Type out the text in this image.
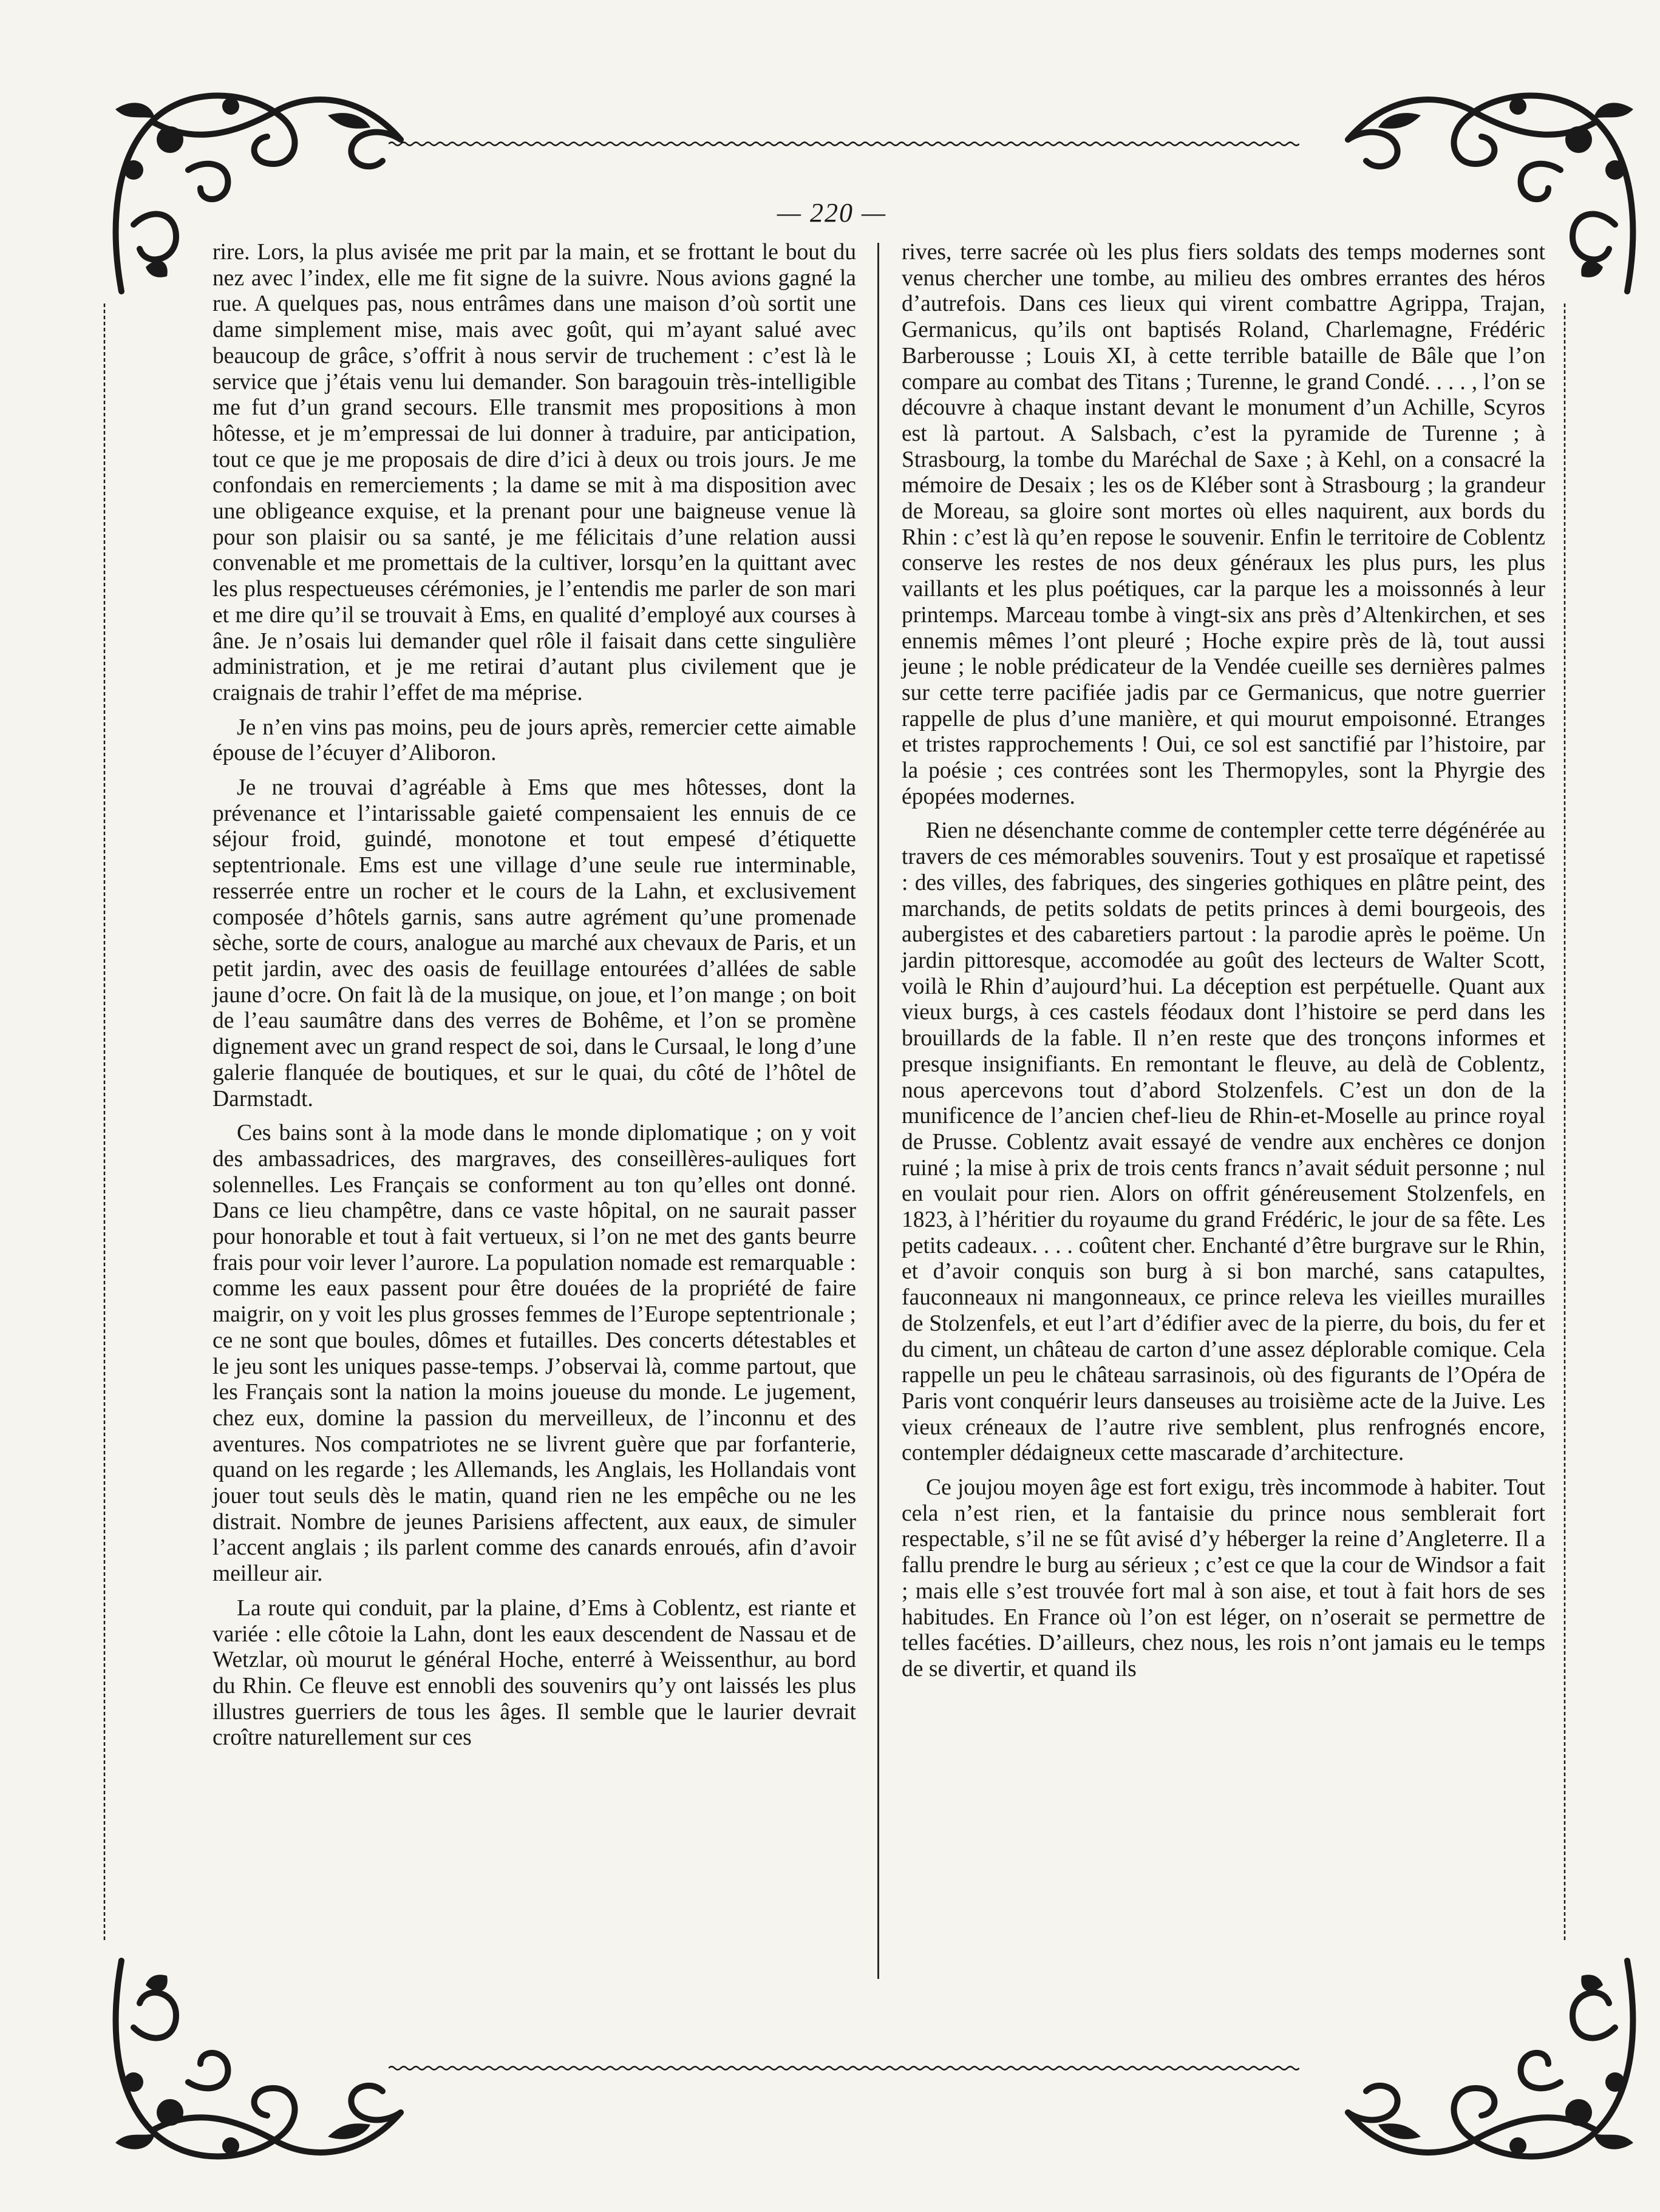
— 220 —

rire. Lors, la plus avisée me prit par la main, et se frottant le bout du nez avec l’index, elle me fit signe de la suivre. Nous avions gagné la rue. A quelques pas, nous entrâmes dans une maison d’où sortit une dame simplement mise, mais avec goût, qui m’ayant salué avec beaucoup de grâce, s’offrit à nous servir de truchement : c’est là le service que j’étais venu lui demander. Son baragouin très-intelligible me fut d’un grand secours. Elle transmit mes propositions à mon hôtesse, et je m’empressai de lui donner à traduire, par anticipation, tout ce que je me proposais de dire d’ici à deux ou trois jours. Je me confondais en remerciements ; la dame se mit à ma disposition avec une obligeance exquise, et la prenant pour une baigneuse venue là pour son plaisir ou sa santé, je me félicitais d’une relation aussi convenable et me promettais de la cultiver, lorsqu’en la quittant avec les plus respectueuses cérémonies, je l’entendis me parler de son mari et me dire qu’il se trouvait à Ems, en qualité d’employé aux courses à âne. Je n’osais lui demander quel rôle il faisait dans cette singulière administration, et je me retirai d’autant plus civilement que je craignais de trahir l’effet de ma méprise.

Je n’en vins pas moins, peu de jours après, remercier cette aimable épouse de l’écuyer d’Aliboron.

Je ne trouvai d’agréable à Ems que mes hôtesses, dont la prévenance et l’intarissable gaieté compensaient les ennuis de ce séjour froid, guindé, monotone et tout empesé d’étiquette septentrionale. Ems est une village d’une seule rue interminable, resserrée entre un rocher et le cours de la Lahn, et exclusivement composée d’hôtels garnis, sans autre agrément qu’une promenade sèche, sorte de cours, analogue au marché aux chevaux de Paris, et un petit jardin, avec des oasis de feuillage entourées d’allées de sable jaune d’ocre. On fait là de la musique, on joue, et l’on mange ; on boit de l’eau saumâtre dans des verres de Bohême, et l’on se promène dignement avec un grand respect de soi, dans le Cursaal, le long d’une galerie flanquée de boutiques, et sur le quai, du côté de l’hôtel de Darmstadt.

Ces bains sont à la mode dans le monde diplomatique ; on y voit des ambassadrices, des margraves, des conseillères-auliques fort solennelles. Les Français se conforment au ton qu’elles ont donné. Dans ce lieu champêtre, dans ce vaste hôpital, on ne saurait passer pour honorable et tout à fait vertueux, si l’on ne met des gants beurre frais pour voir lever l’aurore. La population nomade est remarquable : comme les eaux passent pour être douées de la propriété de faire maigrir, on y voit les plus grosses femmes de l’Europe septentrionale ; ce ne sont que boules, dômes et futailles. Des concerts détestables et le jeu sont les uniques passe-temps. J’observai là, comme partout, que les Français sont la nation la moins joueuse du monde. Le jugement, chez eux, domine la passion du merveilleux, de l’inconnu et des aventures. Nos compatriotes ne se livrent guère que par forfanterie, quand on les regarde ; les Allemands, les Anglais, les Hollandais vont jouer tout seuls dès le matin, quand rien ne les empêche ou ne les distrait. Nombre de jeunes Parisiens affectent, aux eaux, de simuler l’accent anglais ; ils parlent comme des canards enroués, afin d’avoir meilleur air.

La route qui conduit, par la plaine, d’Ems à Coblentz, est riante et variée : elle côtoie la Lahn, dont les eaux descendent de Nassau et de Wetzlar, où mourut le général Hoche, enterré à Weissenthur, au bord du Rhin. Ce fleuve est ennobli des souvenirs qu’y ont laissés les plus illustres guerriers de tous les âges. Il semble que le laurier devrait croître naturellement sur ces

rives, terre sacrée où les plus fiers soldats des temps modernes sont venus chercher une tombe, au milieu des ombres errantes des héros d’autrefois. Dans ces lieux qui virent combattre Agrippa, Trajan, Germanicus, qu’ils ont baptisés Roland, Charlemagne, Frédéric Barberousse ; Louis XI, à cette terrible bataille de Bâle que l’on compare au combat des Titans ; Turenne, le grand Condé. . . . , l’on se découvre à chaque instant devant le monument d’un Achille, Scyros est là partout. A Salsbach, c’est la pyramide de Turenne ; à Strasbourg, la tombe du Maréchal de Saxe ; à Kehl, on a consacré la mémoire de Desaix ; les os de Kléber sont à Strasbourg ; la grandeur de Moreau, sa gloire sont mortes où elles naquirent, aux bords du Rhin : c’est là qu’en repose le souvenir. Enfin le territoire de Coblentz conserve les restes de nos deux généraux les plus purs, les plus vaillants et les plus poétiques, car la parque les a moissonnés à leur printemps. Marceau tombe à vingt-six ans près d’Altenkirchen, et ses ennemis mêmes l’ont pleuré ; Hoche expire près de là, tout aussi jeune ; le noble prédicateur de la Vendée cueille ses dernières palmes sur cette terre pacifiée jadis par ce Germanicus, que notre guerrier rappelle de plus d’une manière, et qui mourut empoisonné. Etranges et tristes rapprochements ! Oui, ce sol est sanctifié par l’histoire, par la poésie ; ces contrées sont les Thermopyles, sont la Phyrgie des épopées modernes.

Rien ne désenchante comme de contempler cette terre dégénérée au travers de ces mémorables souvenirs. Tout y est prosaïque et rapetissé : des villes, des fabriques, des singeries gothiques en plâtre peint, des marchands, de petits soldats de petits princes à demi bourgeois, des aubergistes et des cabaretiers partout : la parodie après le poëme. Un jardin pittoresque, accomodée au goût des lecteurs de Walter Scott, voilà le Rhin d’aujourd’hui. La déception est perpétuelle. Quant aux vieux burgs, à ces castels féodaux dont l’histoire se perd dans les brouillards de la fable. Il n’en reste que des tronçons informes et presque insignifiants. En remontant le fleuve, au delà de Coblentz, nous apercevons tout d’abord Stolzenfels. C’est un don de la munificence de l’ancien chef-lieu de Rhin-et-Moselle au prince royal de Prusse. Coblentz avait essayé de vendre aux enchères ce donjon ruiné ; la mise à prix de trois cents francs n’avait séduit personne ; nul en voulait pour rien. Alors on offrit généreusement Stolzenfels, en 1823, à l’héritier du royaume du grand Frédéric, le jour de sa fête. Les petits cadeaux. . . . coûtent cher. Enchanté d’être burgrave sur le Rhin, et d’avoir conquis son burg à si bon marché, sans catapultes, fauconneaux ni mangonneaux, ce prince releva les vieilles murailles de Stolzenfels, et eut l’art d’édifier avec de la pierre, du bois, du fer et du ciment, un château de carton d’une assez déplorable comique. Cela rappelle un peu le château sarrasinois, où des figurants de l’Opéra de Paris vont conquérir leurs danseuses au troisième acte de la Juive. Les vieux créneaux de l’autre rive semblent, plus renfrognés encore, contempler dédaigneux cette mascarade d’architecture.

Ce joujou moyen âge est fort exigu, très incommode à habiter. Tout cela n’est rien, et la fantaisie du prince nous semblerait fort respectable, s’il ne se fût avisé d’y héberger la reine d’Angleterre. Il a fallu prendre le burg au sérieux ; c’est ce que la cour de Windsor a fait ; mais elle s’est trouvée fort mal à son aise, et tout à fait hors de ses habitudes. En France où l’on est léger, on n’oserait se permettre de telles facéties. D’ailleurs, chez nous, les rois n’ont jamais eu le temps de se divertir, et quand ils
